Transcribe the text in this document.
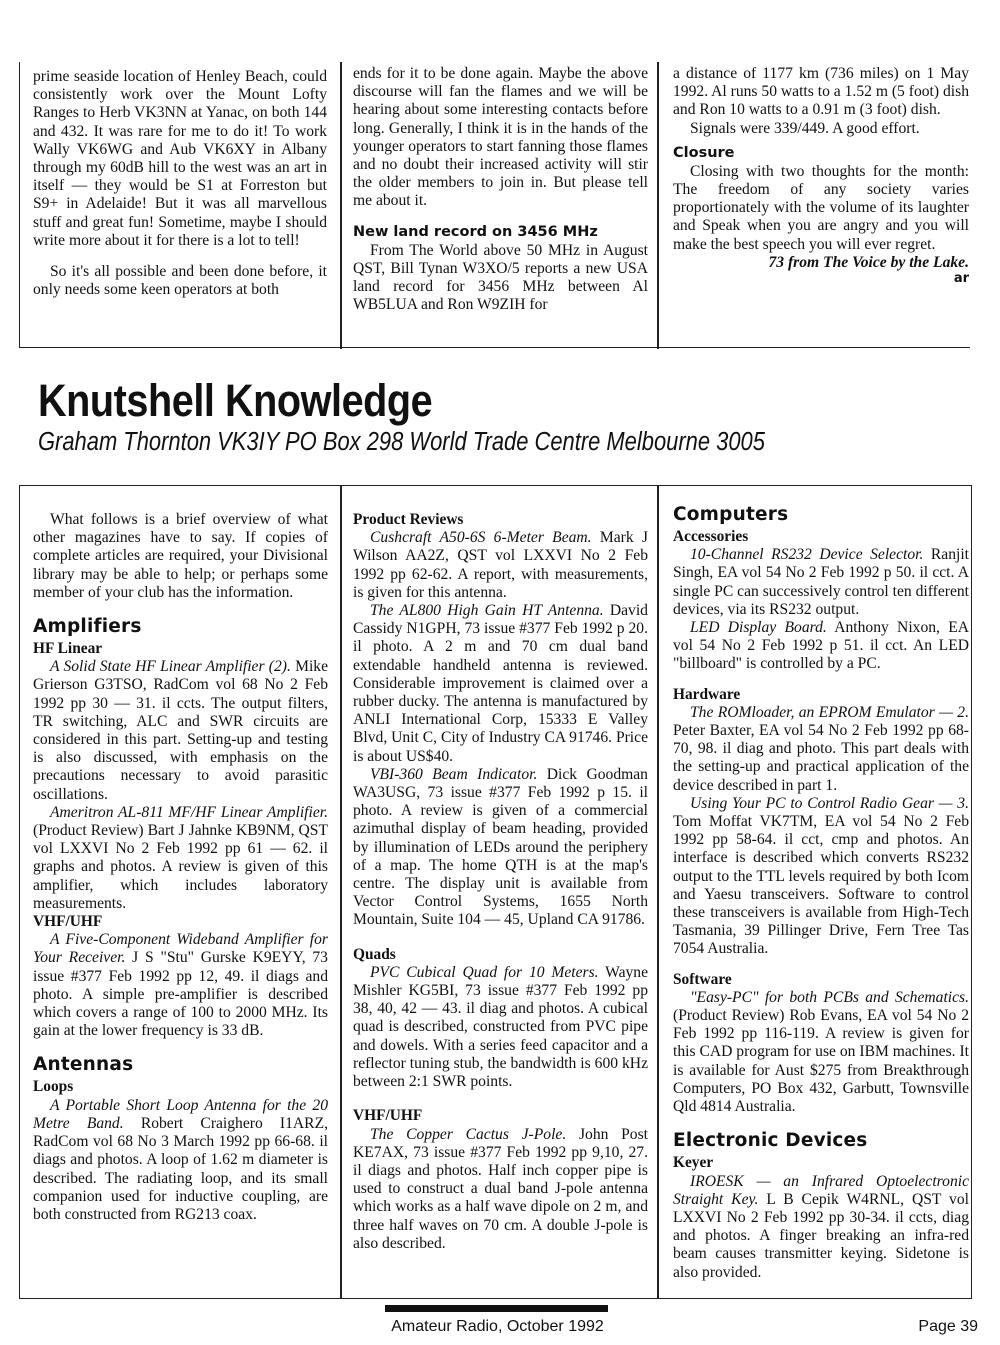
prime seaside location of Henley Beach, could consistently work over the Mount Lofty Ranges to Herb VK3NN at Yanac, on both 144 and 432. It was rare for me to do it! To work Wally VK6WG and Aub VK6XY in Albany through my 60dB hill to the west was an art in itself — they would be S1 at Forreston but S9+ in Adelaide! But it was all marvellous stuff and great fun! Sometime, maybe I should write more about it for there is a lot to tell!

So it's all possible and been done before, it only needs some keen operators at both

ends for it to be done again. Maybe the above discourse will fan the flames and we will be hearing about some interesting contacts before long. Generally, I think it is in the hands of the younger operators to start fanning those flames and no doubt their increased activity will stir the older members to join in. But please tell me about it.

New land record on 3456 MHz

From The World above 50 MHz in August QST, Bill Tynan W3XO/5 reports a new USA land record for 3456 MHz between Al WB5LUA and Ron W9ZIH for

a distance of 1177 km (736 miles) on 1 May 1992. Al runs 50 watts to a 1.52 m (5 foot) dish and Ron 10 watts to a 0.91 m (3 foot) dish.

Signals were 339/449. A good effort.

Closure

Closing with two thoughts for the month: The freedom of any society varies proportionately with the volume of its laughter and Speak when you are angry and you will make the best speech you will ever regret.

73 from The Voice by the Lake.
ar
Knutshell Knowledge
Graham Thornton VK3IY PO Box 298 World Trade Centre Melbourne 3005

What follows is a brief overview of what other magazines have to say. If copies of complete articles are required, your Divisional library may be able to help; or perhaps some member of your club has the information.

Amplifiers
HF Linear

A Solid State HF Linear Amplifier (2). Mike Grierson G3TSO, RadCom vol 68 No 2 Feb 1992 pp 30 — 31. il ccts. The output filters, TR switching, ALC and SWR circuits are considered in this part. Setting-up and testing is also discussed, with emphasis on the precautions necessary to avoid parasitic oscillations.

Ameritron AL-811 MF/HF Linear Amplifier. (Product Review) Bart J Jahnke KB9NM, QST vol LXXVI No 2 Feb 1992 pp 61 — 62. il graphs and photos. A review is given of this amplifier, which includes laboratory measurements.

VHF/UHF

A Five-Component Wideband Amplifier for Your Receiver. J S "Stu" Gurske K9EYY, 73 issue #377 Feb 1992 pp 12, 49. il diags and photo. A simple pre-amplifier is described which covers a range of 100 to 2000 MHz. Its gain at the lower frequency is 33 dB.

Antennas
Loops

A Portable Short Loop Antenna for the 20 Metre Band. Robert Craighero I1ARZ, RadCom vol 68 No 3 March 1992 pp 66-68. il diags and photos. A loop of 1.62 m diameter is described. The radiating loop, and its small companion used for inductive coupling, are both constructed from RG213 coax.

Product Reviews

Cushcraft A50-6S 6-Meter Beam. Mark J Wilson AA2Z, QST vol LXXVI No 2 Feb 1992 pp 62-62. A report, with measurements, is given for this antenna.

The AL800 High Gain HT Antenna. David Cassidy N1GPH, 73 issue #377 Feb 1992 p 20. il photo. A 2 m and 70 cm dual band extendable handheld antenna is reviewed. Considerable improvement is claimed over a rubber ducky. The antenna is manufactured by ANLI International Corp, 15333 E Valley Blvd, Unit C, City of Industry CA 91746. Price is about US$40.

VBI-360 Beam Indicator. Dick Goodman WA3USG, 73 issue #377 Feb 1992 p 15. il photo. A review is given of a commercial azimuthal display of beam heading, provided by illumination of LEDs around the periphery of a map. The home QTH is at the map's centre. The display unit is available from Vector Control Systems, 1655 North Mountain, Suite 104 — 45, Upland CA 91786.

Quads

PVC Cubical Quad for 10 Meters. Wayne Mishler KG5BI, 73 issue #377 Feb 1992 pp 38, 40, 42 — 43. il diag and photos. A cubical quad is described, constructed from PVC pipe and dowels. With a series feed capacitor and a reflector tuning stub, the bandwidth is 600 kHz between 2:1 SWR points.

VHF/UHF

The Copper Cactus J-Pole. John Post KE7AX, 73 issue #377 Feb 1992 pp 9,10, 27. il diags and photos. Half inch copper pipe is used to construct a dual band J-pole antenna which works as a half wave dipole on 2 m, and three half waves on 70 cm. A double J-pole is also described.

Computers
Accessories

10-Channel RS232 Device Selector. Ranjit Singh, EA vol 54 No 2 Feb 1992 p 50. il cct. A single PC can successively control ten different devices, via its RS232 output.

LED Display Board. Anthony Nixon, EA vol 54 No 2 Feb 1992 p 51. il cct. An LED "billboard" is controlled by a PC.

Hardware

The ROMloader, an EPROM Emulator — 2. Peter Baxter, EA vol 54 No 2 Feb 1992 pp 68-70, 98. il diag and photo. This part deals with the setting-up and practical application of the device described in part 1.

Using Your PC to Control Radio Gear — 3. Tom Moffat VK7TM, EA vol 54 No 2 Feb 1992 pp 58-64. il cct, cmp and photos. An interface is described which converts RS232 output to the TTL levels required by both Icom and Yaesu transceivers. Software to control these transceivers is available from High-Tech Tasmania, 39 Pillinger Drive, Fern Tree Tas 7054 Australia.

Software

"Easy-PC" for both PCBs and Schematics. (Product Review) Rob Evans, EA vol 54 No 2 Feb 1992 pp 116-119. A review is given for this CAD program for use on IBM machines. It is available for Aust $275 from Breakthrough Computers, PO Box 432, Garbutt, Townsville Qld 4814 Australia.

Electronic Devices
Keyer

IROESK — an Infrared Optoelectronic Straight Key. L B Cepik W4RNL, QST vol LXXVI No 2 Feb 1992 pp 30-34. il ccts, diag and photos. A finger breaking an infra-red beam causes transmitter keying. Sidetone is also provided.

Amateur Radio, October 1992	Page 39
